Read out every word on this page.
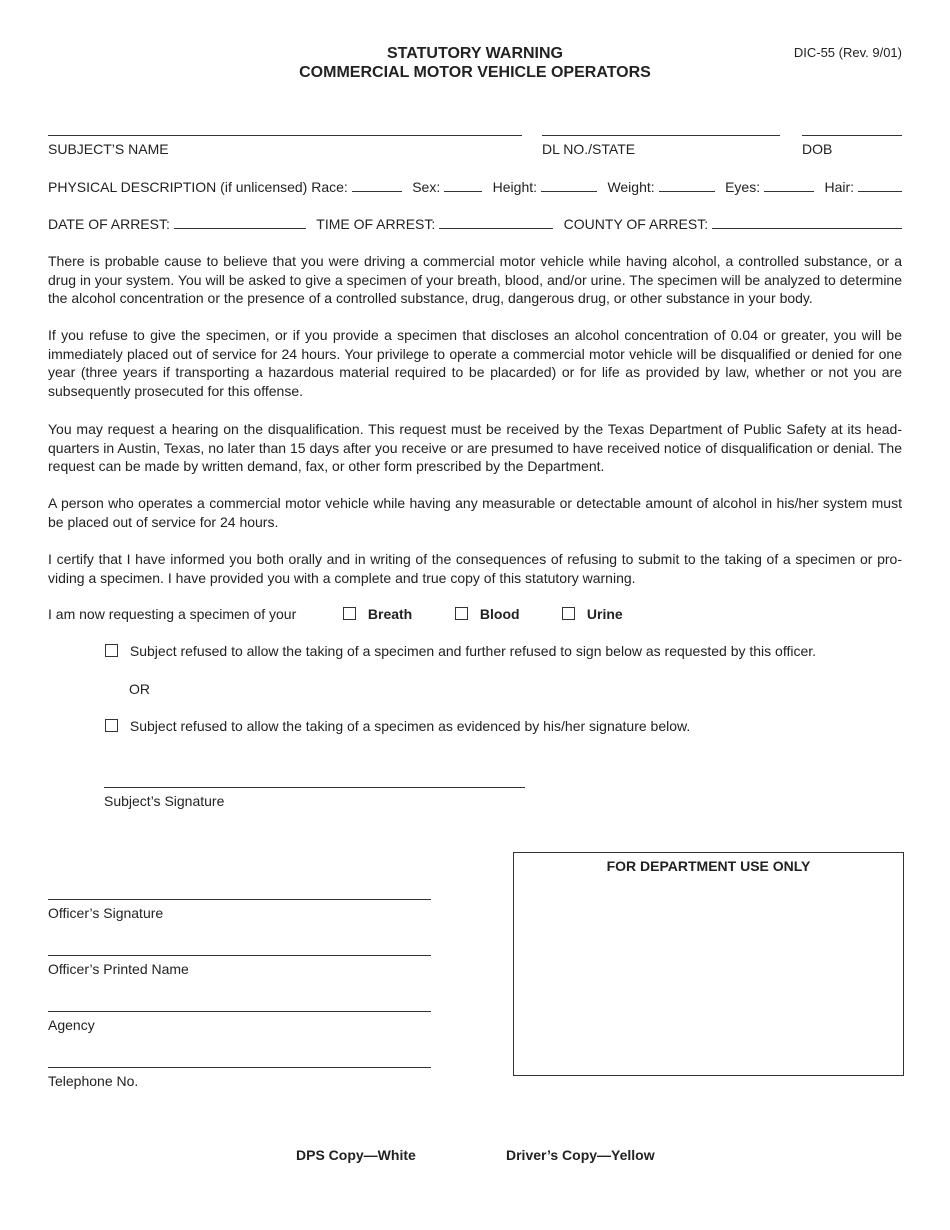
STATUTORY WARNING
COMMERCIAL MOTOR VEHICLE OPERATORS
DIC-55 (Rev. 9/01)
SUBJECT’S NAME	DL NO./STATE	DOB
PHYSICAL DESCRIPTION (if unlicensed) Race:	Sex:	Height:	Weight:	Eyes:	Hair:
DATE OF ARREST:	TIME OF ARREST:	COUNTY OF ARREST:
There is probable cause to believe that you were driving a commercial motor vehicle while having alcohol, a controlled substance, or a drug in your system. You will be asked to give a specimen of your breath, blood, and/or urine. The specimen will be analyzed to determine the alcohol concentration or the presence of a controlled substance, drug, dangerous drug, or other substance in your body.
If you refuse to give the specimen, or if you provide a specimen that discloses an alcohol concentration of 0.04 or greater, you will be immediately placed out of service for 24 hours. Your privilege to operate a commercial motor vehicle will be disqualified or denied for one year (three years if transporting a hazardous material required to be placarded) or for life as provided by law, whether or not you are subsequently prosecuted for this offense.
You may request a hearing on the disqualification. This request must be received by the Texas Department of Public Safety at its headquarters in Austin, Texas, no later than 15 days after you receive or are presumed to have received notice of disqualification or denial. The request can be made by written demand, fax, or other form prescribed by the Department.
A person who operates a commercial motor vehicle while having any measurable or detectable amount of alcohol in his/her system must be placed out of service for 24 hours.
I certify that I have informed you both orally and in writing of the consequences of refusing to submit to the taking of a specimen or providing a specimen. I have provided you with a complete and true copy of this statutory warning.
I am now requesting a specimen of your	Breath	Blood	Urine
Subject refused to allow the taking of a specimen and further refused to sign below as requested by this officer.
OR
Subject refused to allow the taking of a specimen as evidenced by his/her signature below.
Subject’s Signature
Officer’s Signature
Officer’s Printed Name
Agency
Telephone No.
FOR DEPARTMENT USE ONLY
DPS Copy—White	Driver’s Copy—Yellow
